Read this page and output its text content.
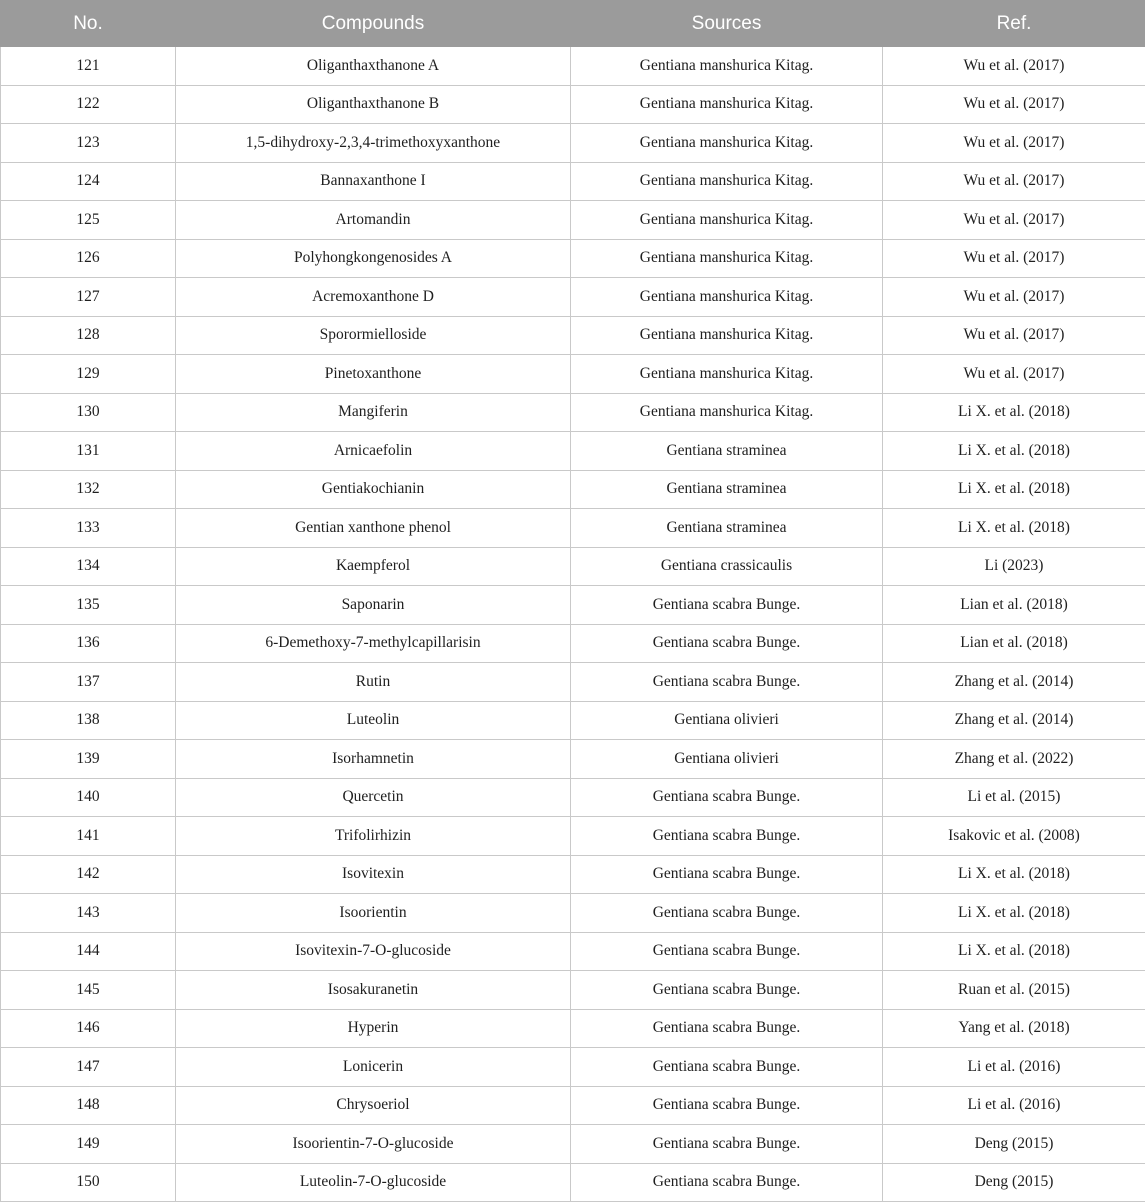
No.	Compounds	Sources	Ref.
121	Oliganthaxthanone A	Gentiana manshurica Kitag.	Wu et al. (2017)
122	Oliganthaxthanone B	Gentiana manshurica Kitag.	Wu et al. (2017)
123	1,5-dihydroxy-2,3,4-trimethoxyxanthone	Gentiana manshurica Kitag.	Wu et al. (2017)
124	Bannaxanthone I	Gentiana manshurica Kitag.	Wu et al. (2017)
125	Artomandin	Gentiana manshurica Kitag.	Wu et al. (2017)
126	Polyhongkongenosides A	Gentiana manshurica Kitag.	Wu et al. (2017)
127	Acremoxanthone D	Gentiana manshurica Kitag.	Wu et al. (2017)
128	Sporormielloside	Gentiana manshurica Kitag.	Wu et al. (2017)
129	Pinetoxanthone	Gentiana manshurica Kitag.	Wu et al. (2017)
130	Mangiferin	Gentiana manshurica Kitag.	Li X. et al. (2018)
131	Arnicaefolin	Gentiana straminea	Li X. et al. (2018)
132	Gentiakochianin	Gentiana straminea	Li X. et al. (2018)
133	Gentian xanthone phenol	Gentiana straminea	Li X. et al. (2018)
134	Kaempferol	Gentiana crassicaulis	Li (2023)
135	Saponarin	Gentiana scabra Bunge.	Lian et al. (2018)
136	6-Demethoxy-7-methylcapillarisin	Gentiana scabra Bunge.	Lian et al. (2018)
137	Rutin	Gentiana scabra Bunge.	Zhang et al. (2014)
138	Luteolin	Gentiana olivieri	Zhang et al. (2014)
139	Isorhamnetin	Gentiana olivieri	Zhang et al. (2022)
140	Quercetin	Gentiana scabra Bunge.	Li et al. (2015)
141	Trifolirhizin	Gentiana scabra Bunge.	Isakovic et al. (2008)
142	Isovitexin	Gentiana scabra Bunge.	Li X. et al. (2018)
143	Isoorientin	Gentiana scabra Bunge.	Li X. et al. (2018)
144	Isovitexin-7-O-glucoside	Gentiana scabra Bunge.	Li X. et al. (2018)
145	Isosakuranetin	Gentiana scabra Bunge.	Ruan et al. (2015)
146	Hyperin	Gentiana scabra Bunge.	Yang et al. (2018)
147	Lonicerin	Gentiana scabra Bunge.	Li et al. (2016)
148	Chrysoeriol	Gentiana scabra Bunge.	Li et al. (2016)
149	Isoorientin-7-O-glucoside	Gentiana scabra Bunge.	Deng (2015)
150	Luteolin-7-O-glucoside	Gentiana scabra Bunge.	Deng (2015)
